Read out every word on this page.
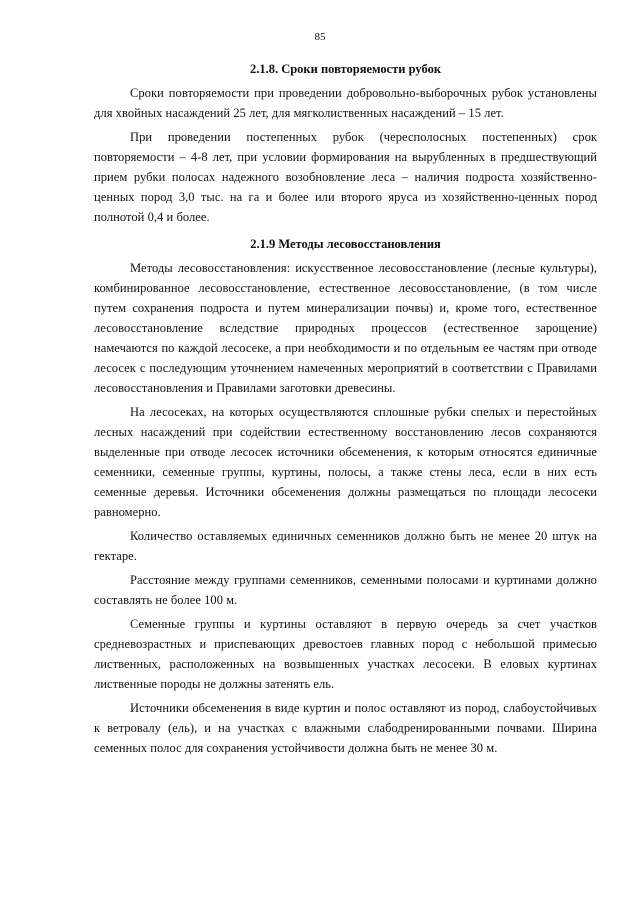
85
2.1.8. Сроки повторяемости рубок

Сроки повторяемости при проведении добровольно-выборочных рубок установлены для хвойных насаждений 25 лет, для мягколиственных насаждений – 15 лет.

При проведении постепенных рубок (чересполосных постепенных) срок повторяемости – 4-8 лет, при условии формирования на вырубленных в предшествующий прием рубки полосах надежного возобновление леса – наличия подроста хозяйственно-ценных пород 3,0 тыс. на га и более или второго яруса из хозяйственно-ценных пород полнотой 0,4 и более.

2.1.9 Методы лесовосстановления

Методы лесовосстановления: искусственное лесовосстановление (лесные культуры), комбинированное лесовосстановление, естественное лесовосстановление, (в том числе путем сохранения подроста и путем минерализации почвы) и, кроме того, естественное лесовосстановление вследствие природных процессов (естественное зарощение) намечаются по каждой лесосеке, а при необходимости и по отдельным ее частям при отводе лесосек с последующим уточнением намеченных мероприятий в соответствии с Правилами лесовосстановления и Правилами заготовки древесины.

На лесосеках, на которых осуществляются сплошные рубки спелых и перестойных лесных насаждений при содействии естественному восстановлению лесов сохраняются выделенные при отводе лесосек источники обсеменения, к которым относятся единичные семенники, семенные группы, куртины, полосы, а также стены леса, если в них есть семенные деревья. Источники обсеменения должны размещаться по площади лесосеки равномерно.

Количество оставляемых единичных семенников должно быть не менее 20 штук на гектаре.

Расстояние между группами семенников, семенными полосами и куртинами должно составлять не более 100 м.

Семенные группы и куртины оставляют в первую очередь за счет участков средневозрастных и приспевающих древостоев главных пород с небольшой примесью лиственных, расположенных на возвышенных участках лесосеки. В еловых куртинах лиственные породы не должны затенять ель.

Источники обсеменения в виде куртин и полос оставляют из пород, слабоустойчивых к ветровалу (ель), и на участках с влажными слабодренированными почвами. Ширина семенных полос для сохранения устойчивости должна быть не менее 30 м.
